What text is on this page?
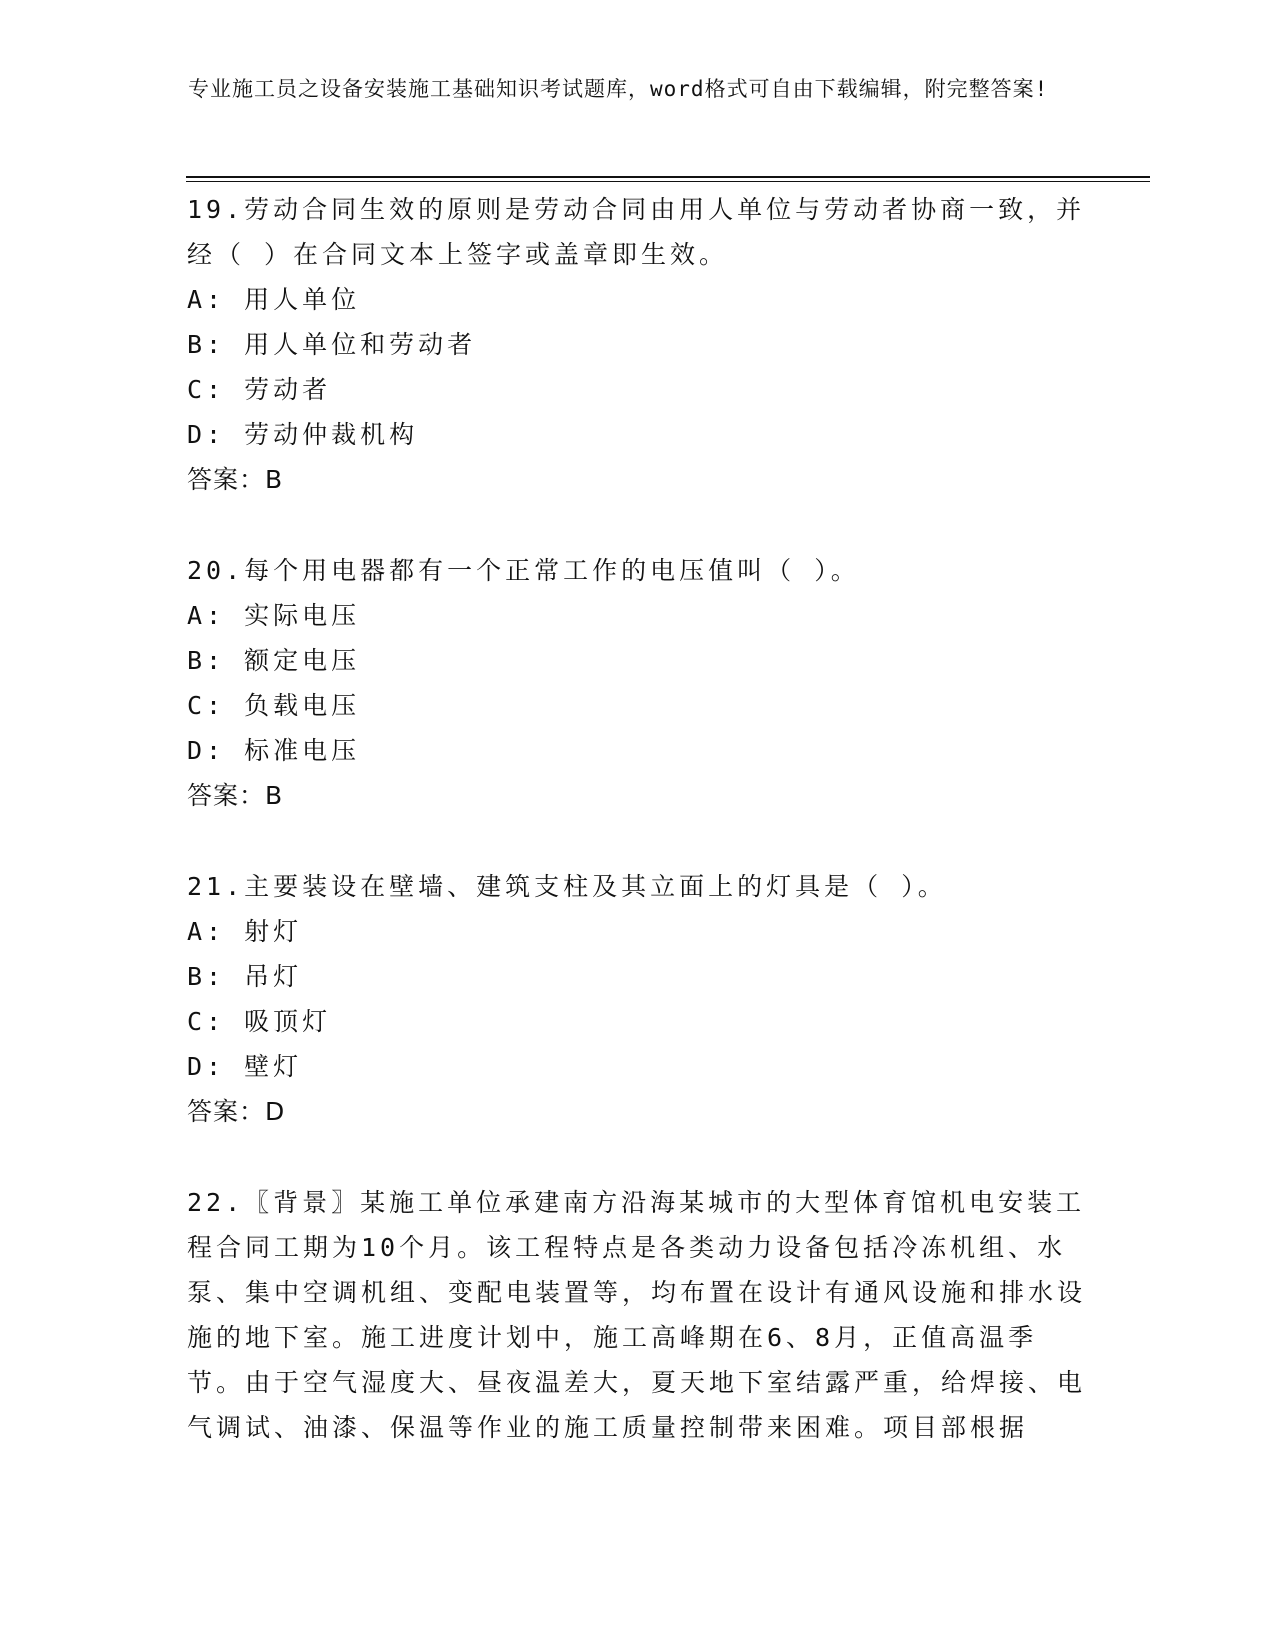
专业施工员之设备安装施工基础知识考试题库，word格式可自由下载编辑，附完整答案!
19.劳动合同生效的原则是劳动合同由用人单位与劳动者协商一致，并经（ ）在合同文本上签字或盖章即生效。
A: 用人单位
B: 用人单位和劳动者
C: 劳动者
D: 劳动仲裁机构
答案：B
20.每个用电器都有一个正常工作的电压值叫（ ）。
A: 实际电压
B: 额定电压
C: 负载电压
D: 标准电压
答案：B
21.主要装设在壁墙、建筑支柱及其立面上的灯具是（ ）。
A: 射灯
B: 吊灯
C: 吸顶灯
D: 壁灯
答案：D
22.〖背景〗某施工单位承建南方沿海某城市的大型体育馆机电安装工程合同工期为10个月。该工程特点是各类动力设备包括冷冻机组、水泵、集中空调机组、变配电装置等，均布置在设计有通风设施和排水设施的地下室。施工进度计划中，施工高峰期在6、8月，正值高温季节。由于空气湿度大、昼夜温差大，夏天地下室结露严重，给焊接、电气调试、油漆、保温等作业的施工质量控制带来困难。项目部根据
